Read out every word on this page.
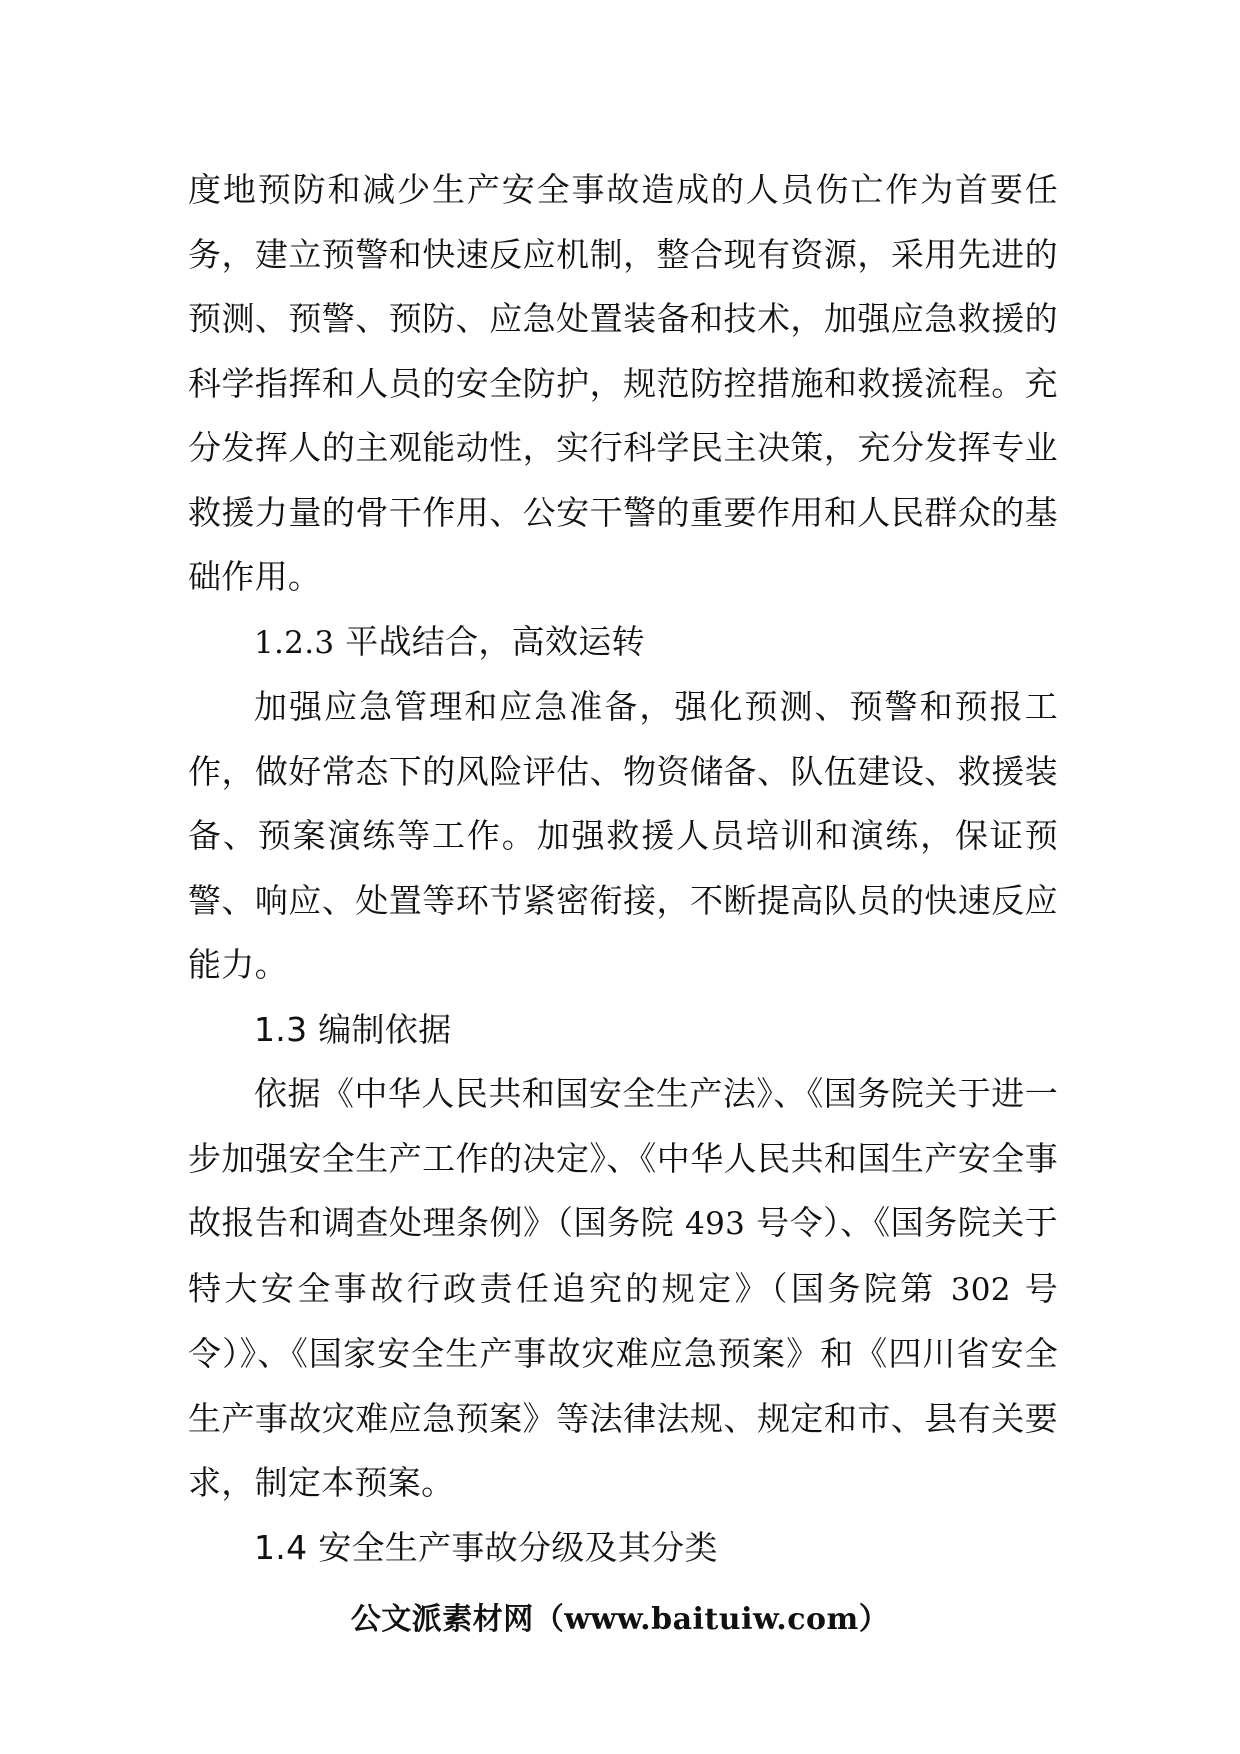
度地预防和减少生产安全事故造成的人员伤亡作为首要任务，建立预警和快速反应机制，整合现有资源，采用先进的预测、预警、预防、应急处置装备和技术，加强应急救援的科学指挥和人员的安全防护，规范防控措施和救援流程。充分发挥人的主观能动性，实行科学民主决策，充分发挥专业救援力量的骨干作用、公安干警的重要作用和人民群众的基础作用。

1.2.3 平战结合，高效运转

加强应急管理和应急准备，强化预测、预警和预报工作，做好常态下的风险评估、物资储备、队伍建设、救援装备、预案演练等工作。加强救援人员培训和演练，保证预警、响应、处置等环节紧密衔接，不断提高队员的快速反应能力。

1.3 编制依据

依据《中华人民共和国安全生产法》、《国务院关于进一步加强安全生产工作的决定》、《中华人民共和国生产安全事故报告和调查处理条例》（国务院 493 号令）、《国务院关于特大安全事故行政责任追究的规定》（国务院第 302 号令）》、《国家安全生产事故灾难应急预案》和《四川省安全生产事故灾难应急预案》等法律法规、规定和市、县有关要求，制定本预案。

1.4 安全生产事故分级及其分类

公文派素材网（www.baituiw.com）
